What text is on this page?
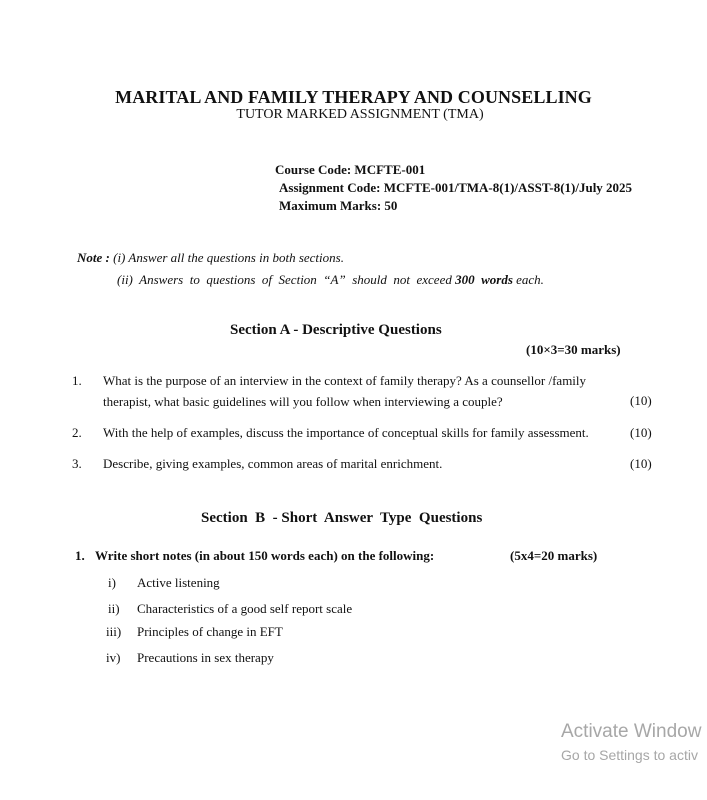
MARITAL AND FAMILY THERAPY AND COUNSELLING
TUTOR MARKED ASSIGNMENT (TMA)
Course Code: MCFTE-001
Assignment Code: MCFTE-001/TMA-8(1)/ASST-8(1)/July 2025
Maximum Marks: 50
Note : (i) Answer all the questions in both sections.
(ii)  Answers  to  questions  of  Section  “A”  should  not  exceed 300  words each.
Section A - Descriptive Questions
(10×3=30 marks)
1. What is the purpose of an interview in the context of family therapy? As a counsellor /family
therapist, what basic guidelines will you follow when interviewing a couple?	(10)
2. With the help of examples, discuss the importance of conceptual skills for family assessment.	(10)
3. Describe, giving examples, common areas of marital enrichment.	(10)
Section  B  - Short  Answer  Type  Questions
1. Write short notes (in about 150 words each) on the following:	(5x4=20 marks)
i) Active listening
ii) Characteristics of a good self report scale
iii) Principles of change in EFT
iv) Precautions in sex therapy
Activate Window
Go to Settings to activ
